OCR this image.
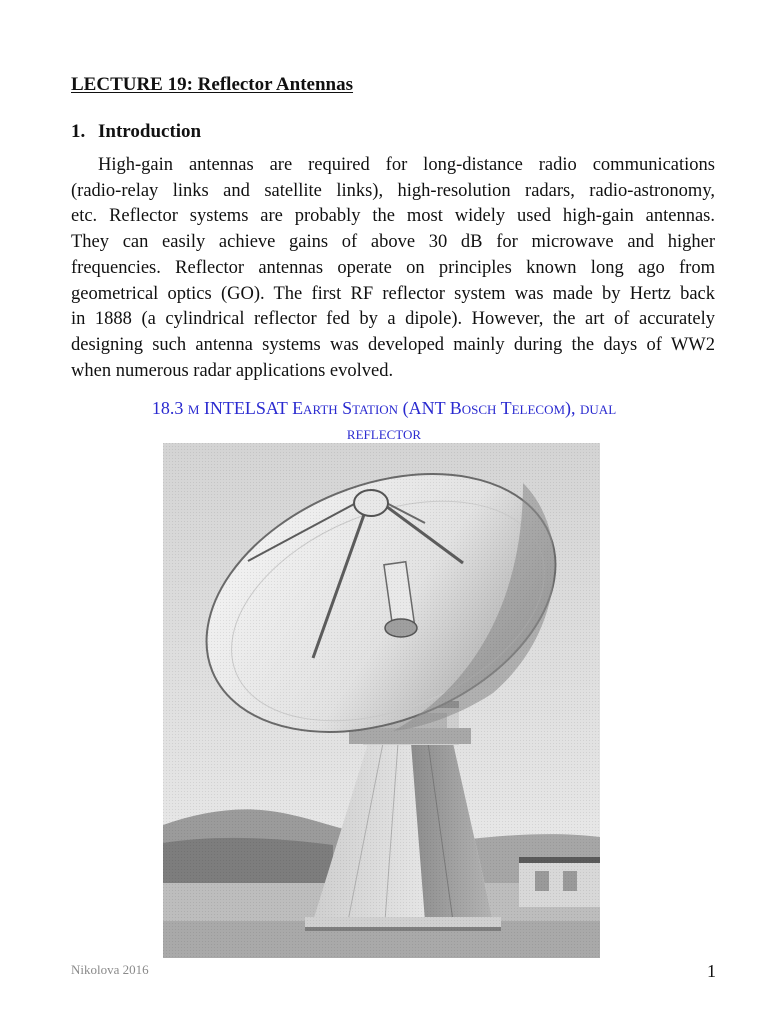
LECTURE 19: Reflector Antennas
1. Introduction

High-gain antennas are required for long-distance radio communications
(radio-relay links and satellite links), high-resolution radars, radio-astronomy,
etc. Reflector systems are probably the most widely used high-gain antennas.
They can easily achieve gains of above 30 dB for microwave and higher
frequencies. Reflector antennas operate on principles known long ago from
geometrical optics (GO). The first RF reflector system was made by Hertz back
in 1888 (a cylindrical reflector fed by a dipole). However, the art of accurately
designing such antenna systems was developed mainly during the days of WW2
when numerous radar applications evolved.

18.3 m INTELSAT Earth Station (ANT Bosch Telecom), dual

reflector

Nikolova 2016	1
